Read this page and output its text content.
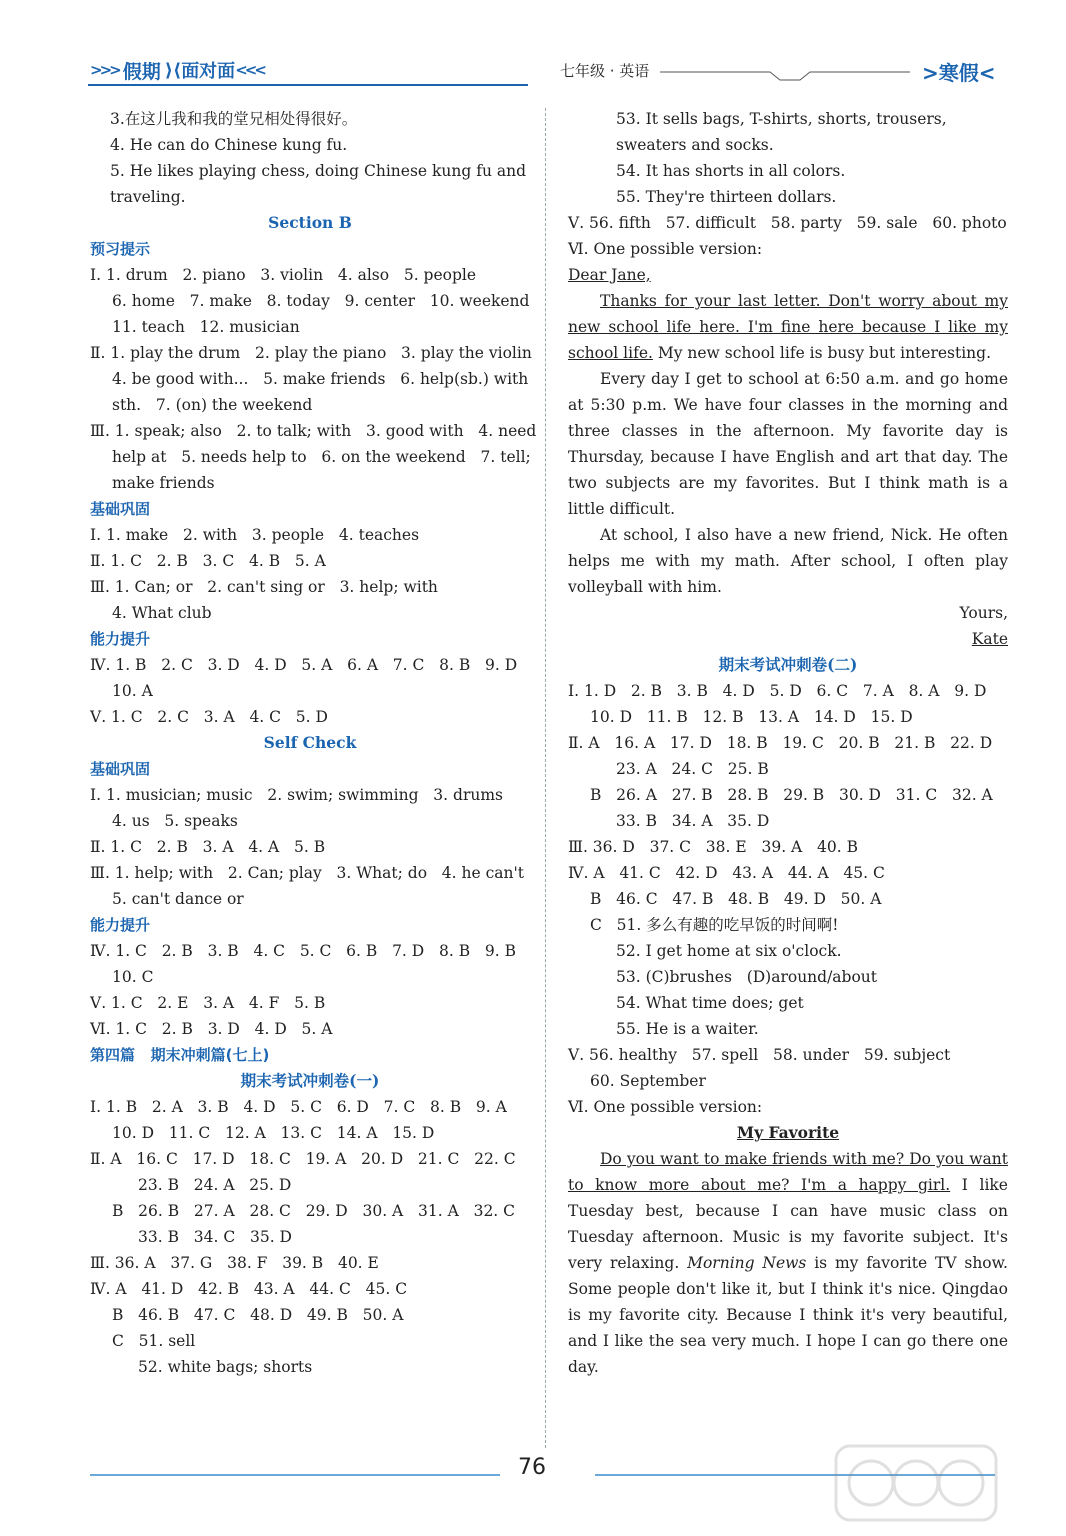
>>> 假期 ⟩⟨ 面对面 <<<	七年级 · 英语	>寒假<
3.在这儿我和我的堂兄相处得很好。
4. He can do Chinese kung fu.
5. He likes playing chess, doing Chinese kung fu and
traveling.
Section B
预习提示
Ⅰ. 1. drum   2. piano   3. violin   4. also   5. people
6. home   7. make   8. today   9. center   10. weekend
11. teach   12. musician
Ⅱ. 1. play the drum   2. play the piano   3. play the violin
4. be good with...   5. make friends   6. help(sb.) with
sth.   7. (on) the weekend
Ⅲ. 1. speak; also   2. to talk; with   3. good with   4. need
help at   5. needs help to   6. on the weekend   7. tell;
make friends
基础巩固
Ⅰ. 1. make   2. with   3. people   4. teaches
Ⅱ. 1. C   2. B   3. C   4. B   5. A
Ⅲ. 1. Can; or   2. can't sing or   3. help; with
4. What club
能力提升
Ⅳ. 1. B   2. C   3. D   4. D   5. A   6. A   7. C   8. B   9. D
10. A
Ⅴ. 1. C   2. C   3. A   4. C   5. D
Self Check
基础巩固
Ⅰ. 1. musician; music   2. swim; swimming   3. drums
4. us   5. speaks
Ⅱ. 1. C   2. B   3. A   4. A   5. B
Ⅲ. 1. help; with   2. Can; play   3. What; do   4. he can't
5. can't dance or
能力提升
Ⅳ. 1. C   2. B   3. B   4. C   5. C   6. B   7. D   8. B   9. B
10. C
Ⅴ. 1. C   2. E   3. A   4. F   5. B
Ⅵ. 1. C   2. B   3. D   4. D   5. A
第四篇   期末冲刺篇(七上)
期末考试冲刺卷(一)
Ⅰ. 1. B   2. A   3. B   4. D   5. C   6. D   7. C   8. B   9. A
10. D   11. C   12. A   13. C   14. A   15. D
Ⅱ. A   16. C   17. D   18. C   19. A   20. D   21. C   22. C
23. B   24. A   25. D
B   26. B   27. A   28. C   29. D   30. A   31. A   32. C
33. B   34. C   35. D
Ⅲ. 36. A   37. G   38. F   39. B   40. E
Ⅳ. A   41. D   42. B   43. A   44. C   45. C
B   46. B   47. C   48. D   49. B   50. A
C   51. sell
52. white bags; shorts
53. It sells bags, T-shirts, shorts, trousers,
sweaters and socks.
54. It has shorts in all colors.
55. They're thirteen dollars.
Ⅴ. 56. fifth   57. difficult   58. party   59. sale   60. photo
Ⅵ. One possible version:
Dear Jane,
Thanks for your last letter. Don't worry about my new school life here. I'm fine here because I like my school life. My new school life is busy but interesting.
Every day I get to school at 6:50 a.m. and go home at 5:30 p.m. We have four classes in the morning and three classes in the afternoon. My favorite day is Thursday, because I have English and art that day. The two subjects are my favorites. But I think math is a little difficult.
At school, I also have a new friend, Nick. He often helps me with my math. After school, I often play volleyball with him.
Yours,
Kate
期末考试冲刺卷(二)
Ⅰ. 1. D   2. B   3. B   4. D   5. D   6. C   7. A   8. A   9. D
10. D   11. B   12. B   13. A   14. D   15. D
Ⅱ. A   16. A   17. D   18. B   19. C   20. B   21. B   22. D
23. A   24. C   25. B
B   26. A   27. B   28. B   29. B   30. D   31. C   32. A
33. B   34. A   35. D
Ⅲ. 36. D   37. C   38. E   39. A   40. B
Ⅳ. A   41. C   42. D   43. A   44. A   45. C
B   46. C   47. B   48. B   49. D   50. A
C   51. 多么有趣的吃早饭的时间啊!
52. I get home at six o'clock.
53. (C)brushes   (D)around/about
54. What time does; get
55. He is a waiter.
Ⅴ. 56. healthy   57. spell   58. under   59. subject
60. September
Ⅵ. One possible version:
My Favorite
Do you want to make friends with me? Do you want to know more about me? I'm a happy girl. I like Tuesday best, because I can have music class on Tuesday afternoon. Music is my favorite subject. It's very relaxing. Morning News is my favorite TV show. Some people don't like it, but I think it's nice. Qingdao is my favorite city. Because I think it's very beautiful, and I like the sea very much. I hope I can go there one day.
76
